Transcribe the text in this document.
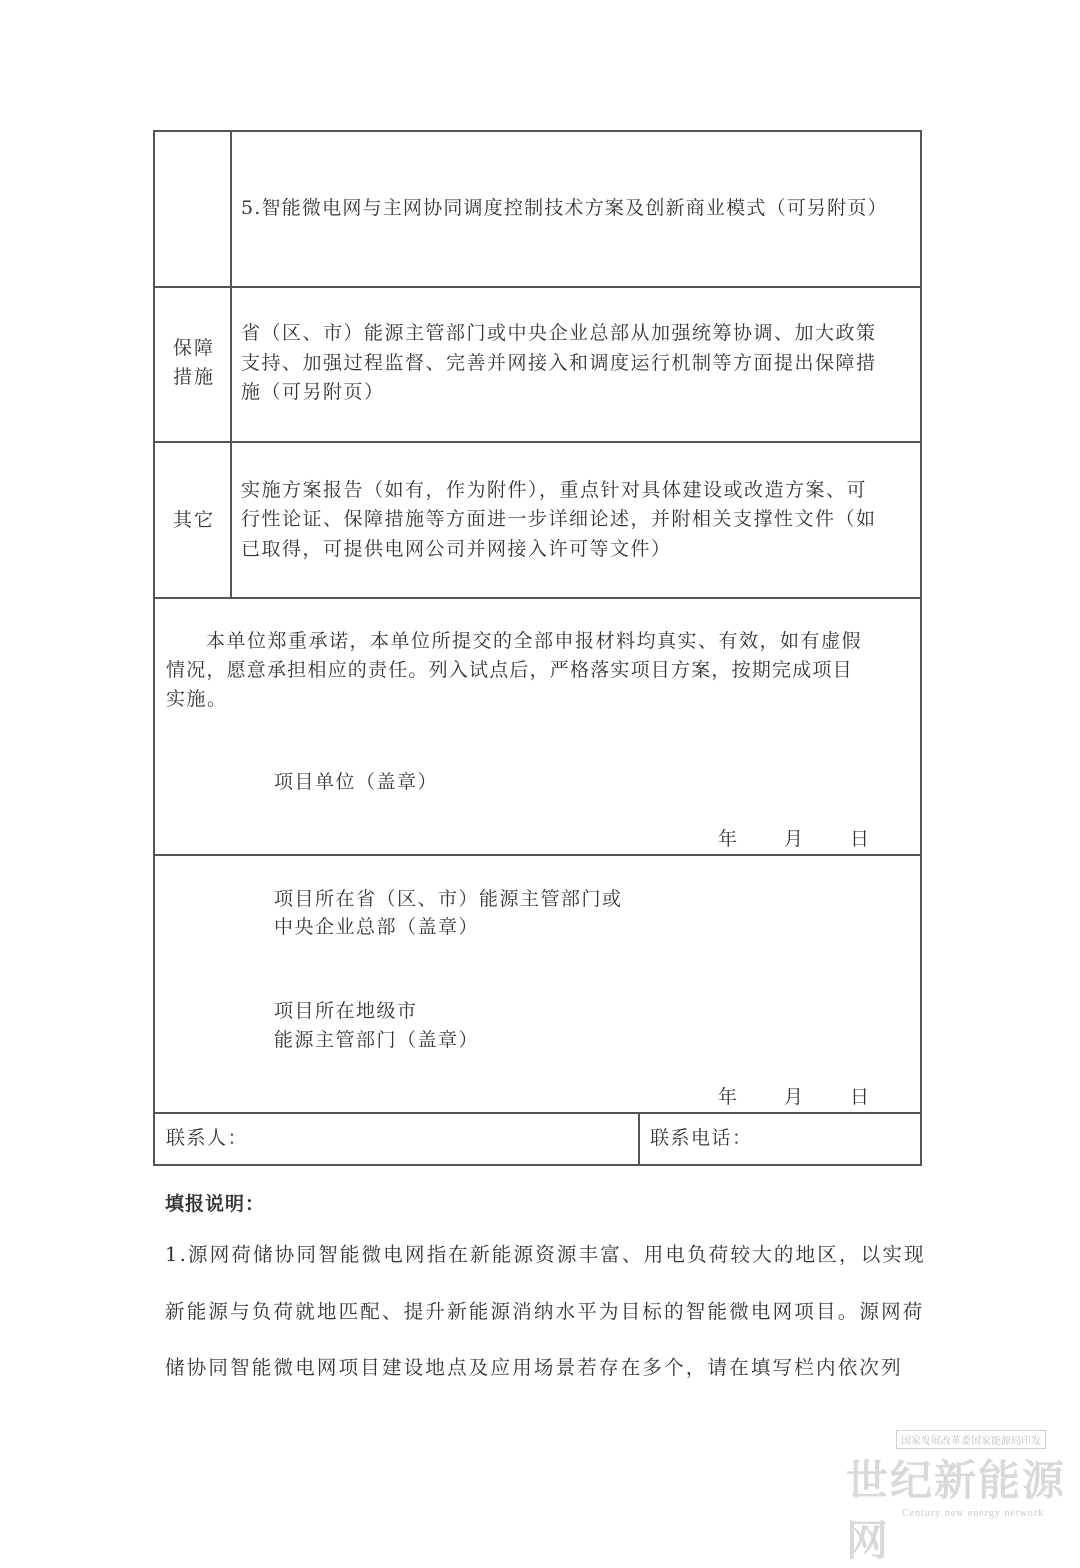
5.智能微电网与主网协同调度控制技术方案及创新商业模式（可另附页）
保障
措施
省（区、市）能源主管部门或中央企业总部从加强统筹协调、加大政策
支持、加强过程监督、完善并网接入和调度运行机制等方面提出保障措
施（可另附页）
其它
实施方案报告（如有，作为附件），重点针对具体建设或改造方案、可
行性论证、保障措施等方面进一步详细论述，并附相关支撑性文件（如
已取得，可提供电网公司并网接入许可等文件）
本单位郑重承诺，本单位所提交的全部申报材料均真实、有效，如有虚假
情况，愿意承担相应的责任。列入试点后，严格落实项目方案，按期完成项目
实施。
项目单位（盖章）
年 月 日
项目所在省（区、市）能源主管部门或
中央企业总部（盖章）
项目所在地级市
能源主管部门（盖章）
年 月 日
联系人：	联系电话：
填报说明：
1.源网荷储协同智能微电网指在新能源资源丰富、用电负荷较大的地区，以实现
新能源与负荷就地匹配、提升新能源消纳水平为目标的智能微电网项目。源网荷
储协同智能微电网项目建设地点及应用场景若存在多个，请在填写栏内依次列
国家发展改革委国家能源局印发
世纪新能源网
Century new energy network
